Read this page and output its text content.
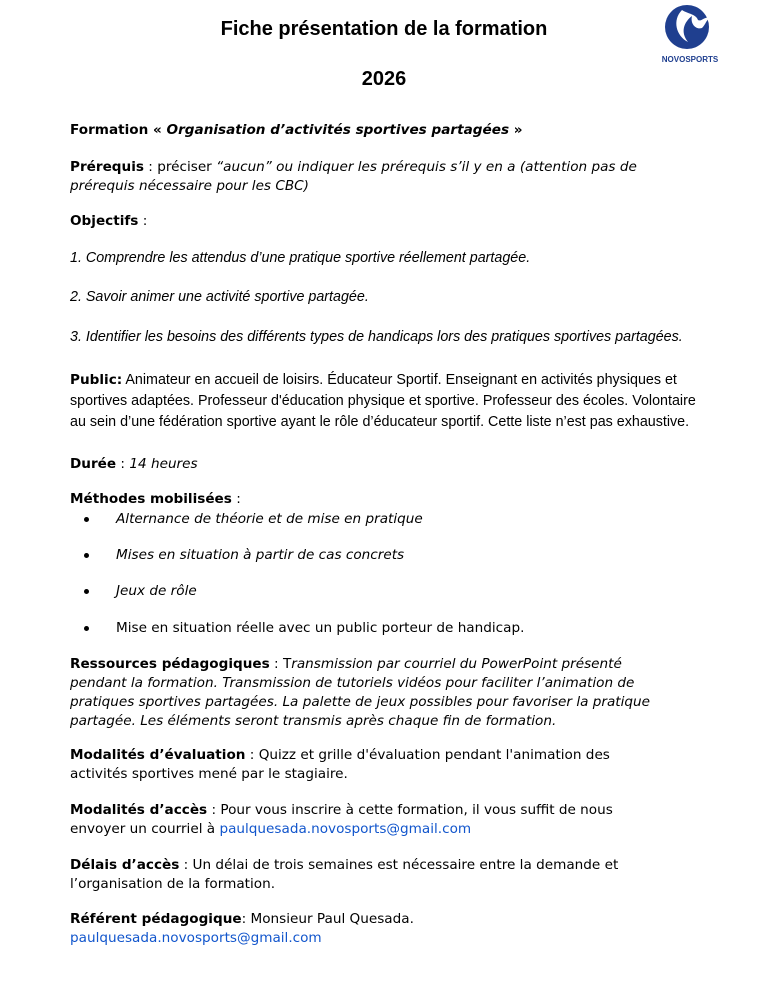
Fiche présentation de la formation
2026
NOVOSPORTS
Formation « Organisation d’activités sportives partagées »
Prérequis : préciser “aucun” ou indiquer les prérequis s’il y en a (attention pas de
prérequis nécessaire pour les CBC)
Objectifs :
1. Comprendre les attendus d’une pratique sportive réellement partagée.
2. Savoir animer une activité sportive partagée.
3. Identifier les besoins des différents types de handicaps lors des pratiques sportives partagées.
Public: Animateur en accueil de loisirs. Éducateur Sportif. Enseignant en activités physiques et
sportives adaptées. Professeur d'éducation physique et sportive. Professeur des écoles. Volontaire
au sein d’une fédération sportive ayant le rôle d’éducateur sportif. Cette liste n’est pas exhaustive.
Durée : 14 heures
Méthodes mobilisées :
Alternance de théorie et de mise en pratique
Mises en situation à partir de cas concrets
Jeux de rôle
Mise en situation réelle avec un public porteur de handicap.
Ressources pédagogiques : Transmission par courriel du PowerPoint présenté
pendant la formation. Transmission de tutoriels vidéos pour faciliter l’animation de
pratiques sportives partagées. La palette de jeux possibles pour favoriser la pratique
partagée. Les éléments seront transmis après chaque fin de formation.
Modalités d’évaluation : Quizz et grille d'évaluation pendant l'animation des
activités sportives mené par le stagiaire.
Modalités d’accès : Pour vous inscrire à cette formation, il vous suffit de nous
envoyer un courriel à paulquesada.novosports@gmail.com
Délais d’accès : Un délai de trois semaines est nécessaire entre la demande et
l’organisation de la formation.
Référent pédagogique: Monsieur Paul Quesada.
paulquesada.novosports@gmail.com
